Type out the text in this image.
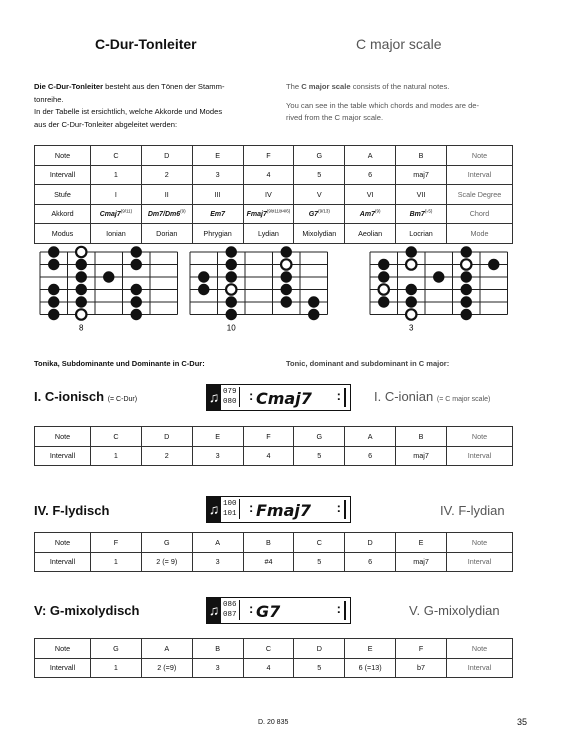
C-Dur-Tonleiter	C major scale
Die C-Dur-Tonleiter besteht aus den Tönen der Stamm-
tonreihe.
In der Tabelle ist ersichtlich, welche Akkorde und Modes
aus der C-Dur-Tonleiter abgeleitet werden:
The C major scale consists of the natural notes.

You can see in the table which chords and modes are de-
rived from the C major scale.
Note	C	D	E	F	G	A	B	Note
Intervall	1	2	3	4	5	6	maj7	Interval
Stufe	I	II	III	IV	V	VI	VII	Scale Degree
Akkord	$Cmaj7^{(9/11)}$	Dm7/Dm6$^{(9)}$	Em7	$Fmaj7^{(9/♯11/♯4/6)}$	$G7^{(9/13)}$	Am7$^{(9)}$	$Bm7^{(♭5)}$	Chord
Modus	Ionian	Dorian	Phrygian	Lydian	Mixolydian	Aeolian	Locrian	Mode
8	10	3
Tonika, Subdominante und Dominante in C-Dur:	Tonic, dominant and subdominant in C major:
I. C-ionisch (= C-Dur)	♫ 079
080 : Cmaj7 :	I. C-ionian (= C major scale)
Note	C	D	E	F	G	A	B	Note
Intervall	1	2	3	4	5	6	maj7	Interval
IV. F-lydisch	♫ 100
101 : Fmaj7 :	IV. F-lydian
Note	F	G	A	B	C	D	E	Note
Intervall	1	2 (= 9)	3	#4	5	6	maj7	Interval
V: G-mixolydisch	♫ 086
087 : G7	:	V. G-mixolydian
Note	G	A	B	C	D	E	F	Note
Intervall	1	2 (=9)	3	4	5	6 (=13)	b7	Interval
D. 20 835	35
